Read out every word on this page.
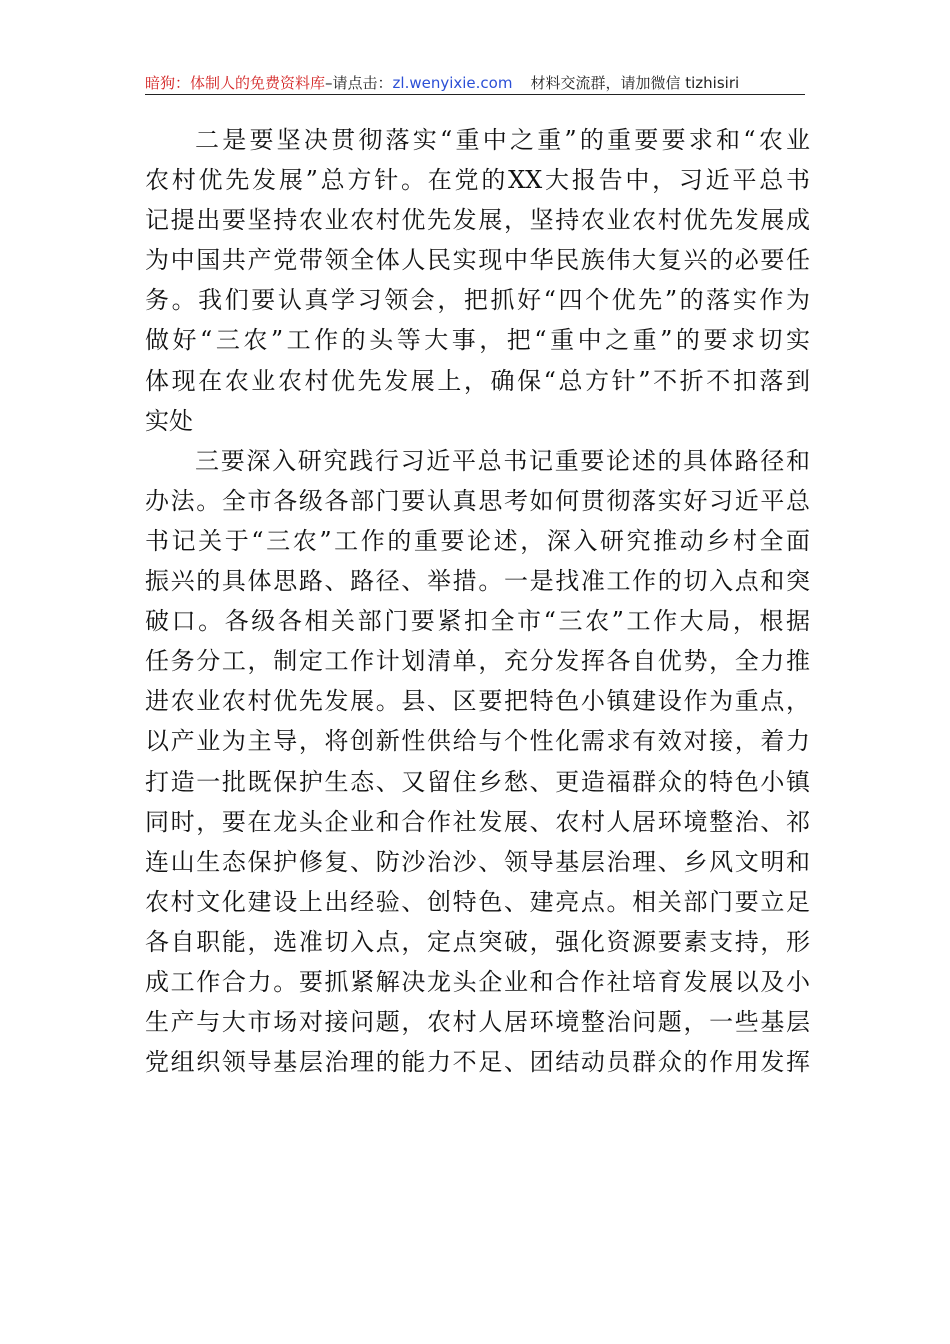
暗狗：体制人的免费资料库 –请点击： zl.wenyixie.com 材料交流群，请加微信 tizhisiri
二是要坚决贯彻落实“重中之重”的重要要求和“农业
农村优先发展”总方针。在党的XX大报告中，习近平总书
记提出要坚持农业农村优先发展，坚持农业农村优先发展成
为中国共产党带领全体人民实现中华民族伟大复兴的必要任
务。我们要认真学习领会，把抓好“四个优先”的落实作为
做好“三农”工作的头等大事，把“重中之重”的要求切实
体现在农业农村优先发展上，确保“总方针”不折不扣落到
实处
三要深入研究践行习近平总书记重要论述的具体路径和
办法。全市各级各部门要认真思考如何贯彻落实好习近平总
书记关于“三农”工作的重要论述，深入研究推动乡村全面
振兴的具体思路、路径、举措。一是找准工作的切入点和突
破口。各级各相关部门要紧扣全市“三农”工作大局，根据
任务分工，制定工作计划清单，充分发挥各自优势，全力推
进农业农村优先发展。县、区要把特色小镇建设作为重点，
以产业为主导，将创新性供给与个性化需求有效对接，着力
打造一批既保护生态、又留住乡愁、更造福群众的特色小镇
同时，要在龙头企业和合作社发展、农村人居环境整治、祁
连山生态保护修复、防沙治沙、领导基层治理、乡风文明和
农村文化建设上出经验、创特色、建亮点。相关部门要立足
各自职能，选准切入点，定点突破，强化资源要素支持，形
成工作合力。要抓紧解决龙头企业和合作社培育发展以及小
生产与大市场对接问题，农村人居环境整治问题，一些基层
党组织领导基层治理的能力不足、团结动员群众的作用发挥
